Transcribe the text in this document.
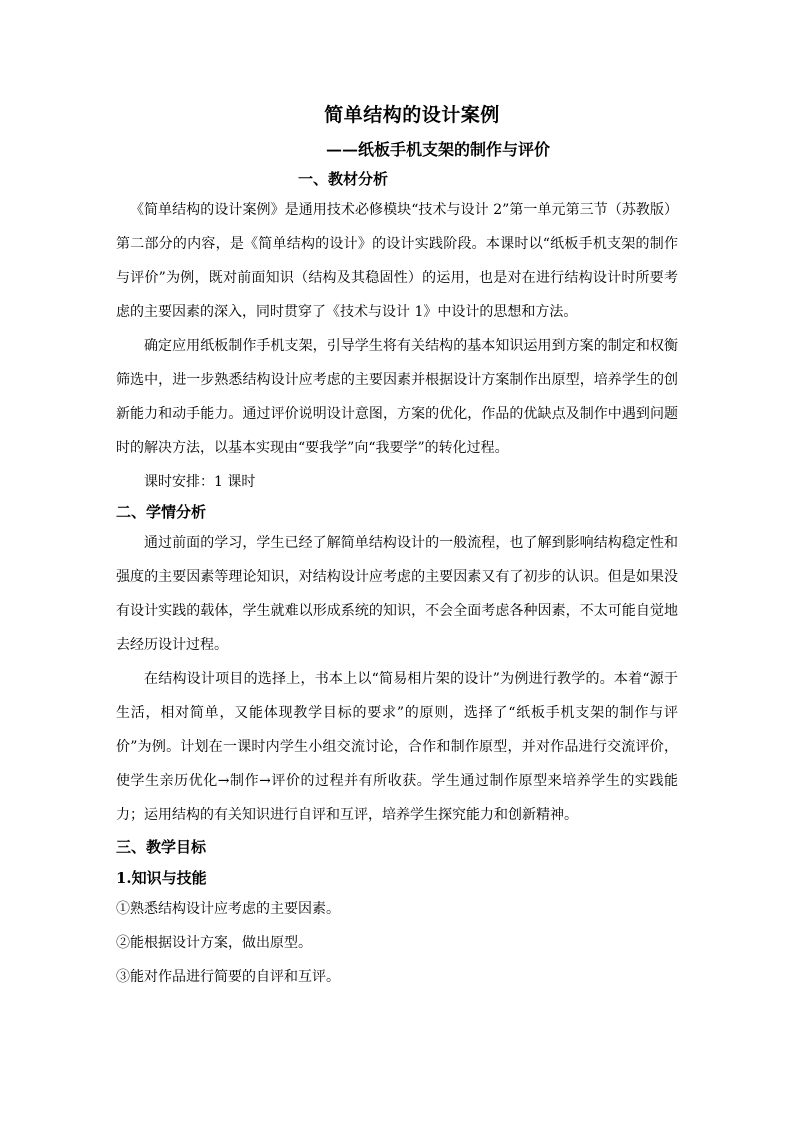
简单结构的设计案例
——纸板手机支架的制作与评价
一、教材分析

《简单结构的设计案例》是通用技术必修模块“技术与设计 2”第一单元第三节（苏教版）第二部分的内容，是《简单结构的设计》的设计实践阶段。本课时以“纸板手机支架的制作与评价”为例，既对前面知识（结构及其稳固性）的运用，也是对在进行结构设计时所要考虑的主要因素的深入，同时贯穿了《技术与设计 1》中设计的思想和方法。

确定应用纸板制作手机支架，引导学生将有关结构的基本知识运用到方案的制定和权衡筛选中，进一步熟悉结构设计应考虑的主要因素并根据设计方案制作出原型，培养学生的创新能力和动手能力。通过评价说明设计意图，方案的优化，作品的优缺点及制作中遇到问题时的解决方法，以基本实现由“要我学”向“我要学”的转化过程。

课时安排：1 课时

二、学情分析

通过前面的学习，学生已经了解简单结构设计的一般流程，也了解到影响结构稳定性和强度的主要因素等理论知识，对结构设计应考虑的主要因素又有了初步的认识。但是如果没有设计实践的载体，学生就难以形成系统的知识，不会全面考虑各种因素，不太可能自觉地去经历设计过程。

在结构设计项目的选择上，书本上以“简易相片架的设计”为例进行教学的。本着“源于生活，相对简单，又能体现教学目标的要求”的原则，选择了“纸板手机支架的制作与评价”为例。计划在一课时内学生小组交流讨论，合作和制作原型，并对作品进行交流评价，使学生亲历优化→制作→评价的过程并有所收获。学生通过制作原型来培养学生的实践能力；运用结构的有关知识进行自评和互评，培养学生探究能力和创新精神。

三、教学目标
1.知识与技能

①熟悉结构设计应考虑的主要因素。

②能根据设计方案，做出原型。

③能对作品进行简要的自评和互评。
